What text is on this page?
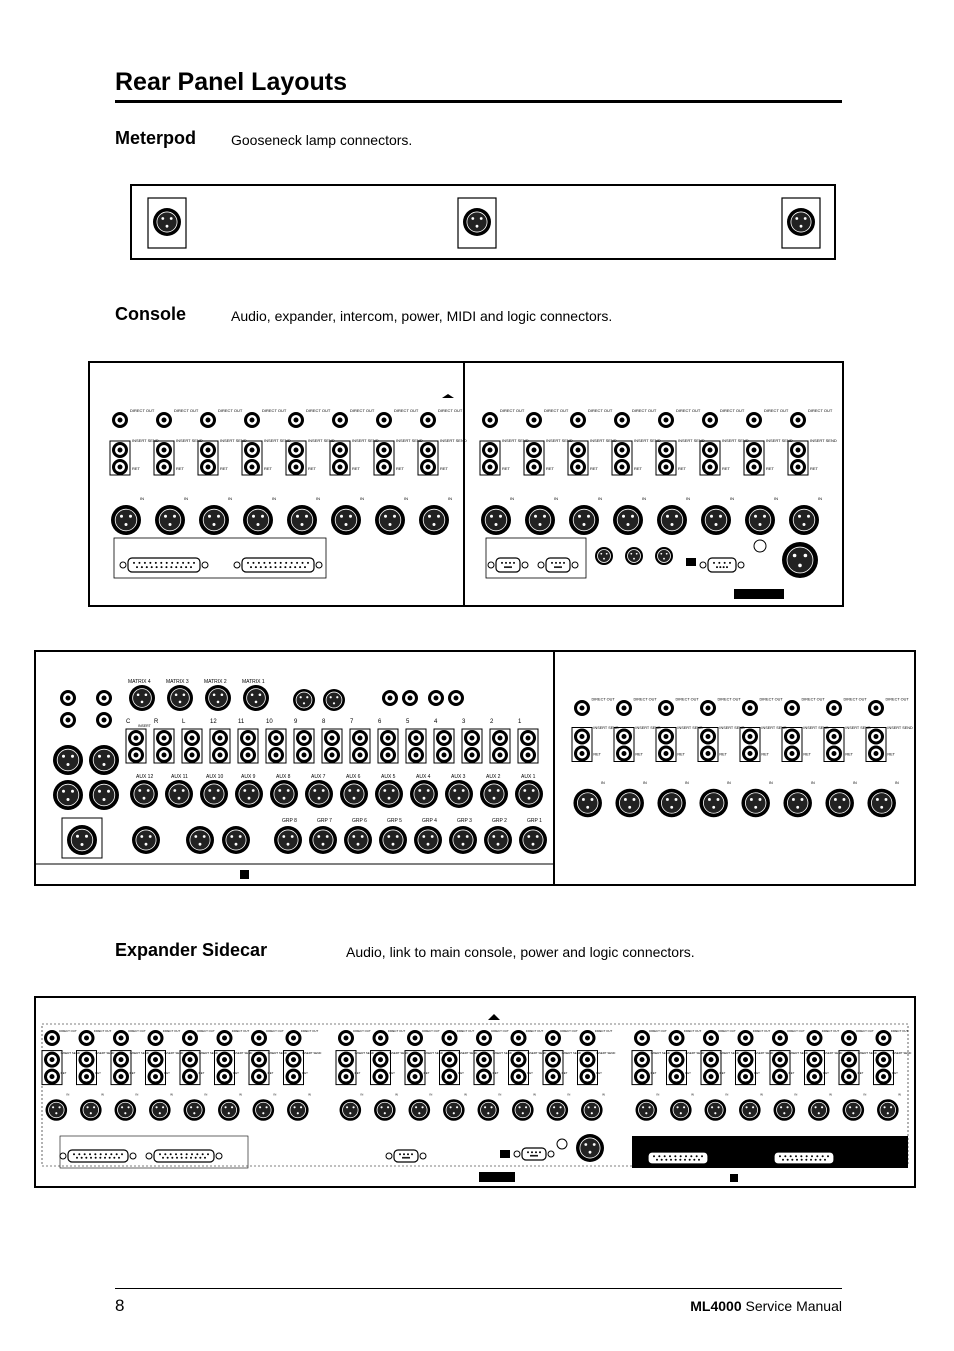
Rear Panel Layouts
Meterpod	Gooseneck lamp connectors.
Console	Audio, expander, intercom, power, MIDI and logic connectors.
DIRECT OUT
INSERT SEND
RET
IN
DIRECT OUT
INSERT SEND
RET
IN
DIRECT OUT
INSERT SEND
RET
IN
DIRECT OUT
INSERT SEND
RET
IN
DIRECT OUT
INSERT SEND
RET
IN
DIRECT OUT
INSERT SEND
RET
IN
DIRECT OUT
INSERT SEND
RET
IN
DIRECT OUT
INSERT SEND
RET
IN
DIRECT OUT
INSERT SEND
RET
IN
DIRECT OUT
INSERT SEND
RET
IN
DIRECT OUT
INSERT SEND
RET
IN
DIRECT OUT
INSERT SEND
RET
IN
DIRECT OUT
INSERT SEND
RET
IN
DIRECT OUT
INSERT SEND
RET
IN
DIRECT OUT
INSERT SEND
RET
IN
DIRECT OUT
INSERT SEND
RET
IN
MATRIX 4	MATRIX 3	MATRIX 2	MATRIX 1
C	R	L	12	11	10	9	8	7	6	5	4	3	2	1
INSERT
AUX 12	AUX 11	AUX 10	AUX 9	AUX 8	AUX 7	AUX 6	AUX 5	AUX 4	AUX 3	AUX 2	AUX 1
GRP 8	GRP 7	GRP 6	GRP 5	GRP 4	GRP 3	GRP 2	GRP 1
DIRECT OUT
INSERT SEND
RET
IN
DIRECT OUT
INSERT SEND
RET
IN
DIRECT OUT
INSERT SEND
RET
IN
DIRECT OUT
INSERT SEND
RET
IN
DIRECT OUT
INSERT SEND
RET
IN
DIRECT OUT
INSERT SEND
RET
IN
DIRECT OUT
INSERT SEND
RET
IN
DIRECT OUT
INSERT SEND
RET
IN
Expander Sidecar	Audio, link to main console, power and logic connectors.
DIRECT OUT
INSERT SEND
RET
IN
DIRECT OUT
INSERT SEND
RET
IN
DIRECT OUT
INSERT SEND
RET
IN
DIRECT OUT
INSERT SEND
RET
IN
DIRECT OUT
INSERT SEND
RET
IN
DIRECT OUT
INSERT SEND
RET
IN
DIRECT OUT
INSERT SEND
RET
IN
DIRECT OUT
INSERT SEND
RET
IN
DIRECT OUT
INSERT SEND
RET
IN
DIRECT OUT
INSERT SEND
RET
IN
DIRECT OUT
INSERT SEND
RET
IN
DIRECT OUT
INSERT SEND
RET
IN
DIRECT OUT
INSERT SEND
RET
IN
DIRECT OUT
INSERT SEND
RET
IN
DIRECT OUT
INSERT SEND
RET
IN
DIRECT OUT
INSERT SEND
RET
IN
DIRECT OUT
INSERT SEND
RET
IN
DIRECT OUT
INSERT SEND
RET
IN
DIRECT OUT
INSERT SEND
RET
IN
DIRECT OUT
INSERT SEND
RET
IN
DIRECT OUT
INSERT SEND
RET
IN
DIRECT OUT
INSERT SEND
RET
IN
DIRECT OUT
INSERT SEND
RET
IN
DIRECT OUT
INSERT SEND
RET
IN
8	ML4000 Service Manual
